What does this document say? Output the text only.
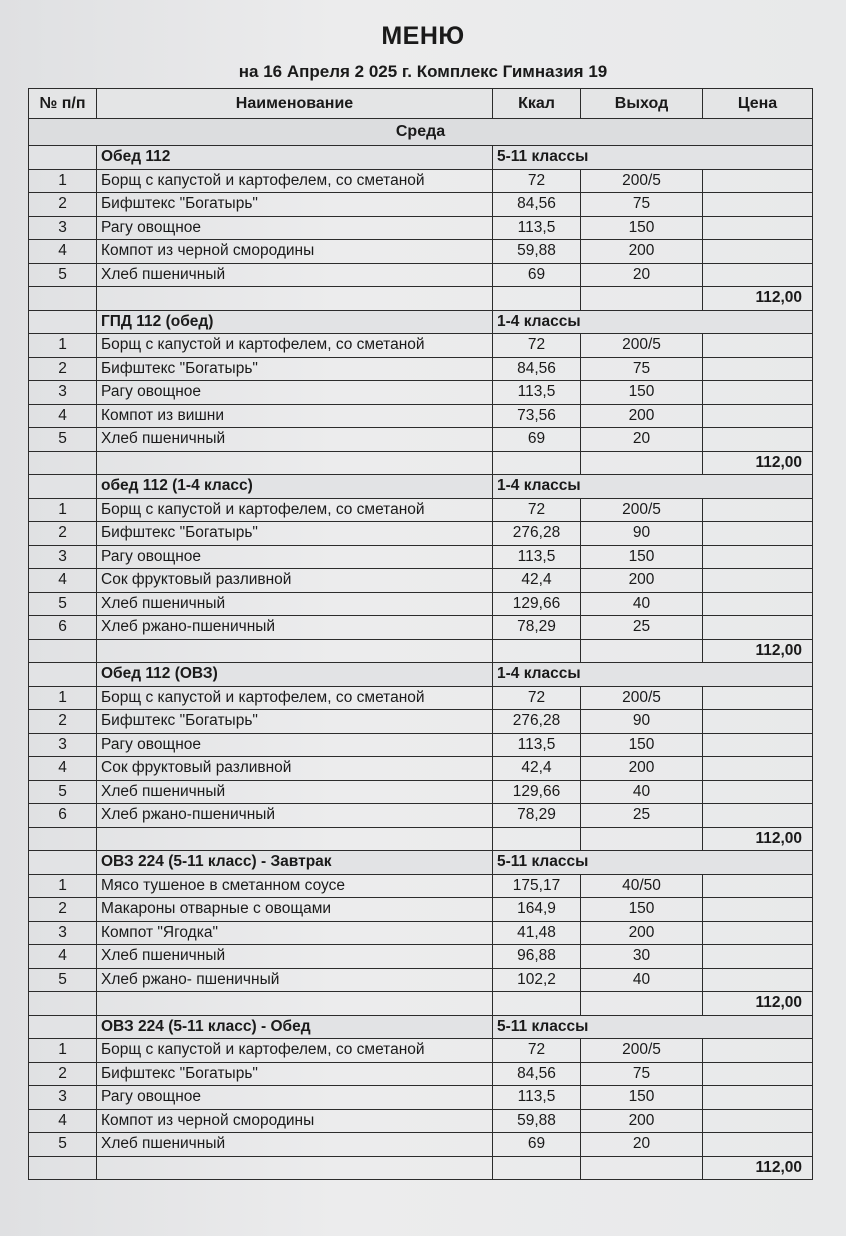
МЕНЮ
на 16 Апреля 2 025 г. Комплекс Гимназия 19
№ п/п	Наименование	Ккал	Выход	Цена
Среда				
	Обед 112	5-11 классы		
1	Борщ с капустой и картофелем, со сметаной	72	200/5	
2	Бифштекс "Богатырь"	84,56	75	
3	Рагу овощное	113,5	150	
4	Компот из черной смородины	59,88	200	
5	Хлеб пшеничный	69	20	
				112,00
	ГПД 112 (обед)	1-4 классы		
1	Борщ с капустой и картофелем, со сметаной	72	200/5	
2	Бифштекс "Богатырь"	84,56	75	
3	Рагу овощное	113,5	150	
4	Компот из вишни	73,56	200	
5	Хлеб пшеничный	69	20	
				112,00
	обед 112 (1-4 класс)	1-4 классы		
1	Борщ с капустой и картофелем, со сметаной	72	200/5	
2	Бифштекс "Богатырь"	276,28	90	
3	Рагу овощное	113,5	150	
4	Сок фруктовый разливной	42,4	200	
5	Хлеб пшеничный	129,66	40	
6	Хлеб ржано-пшеничный	78,29	25	
				112,00
	Обед 112 (ОВЗ)	1-4 классы		
1	Борщ с капустой и картофелем, со сметаной	72	200/5	
2	Бифштекс "Богатырь"	276,28	90	
3	Рагу овощное	113,5	150	
4	Сок фруктовый разливной	42,4	200	
5	Хлеб пшеничный	129,66	40	
6	Хлеб ржано-пшеничный	78,29	25	
				112,00
	ОВЗ 224 (5-11 класс) - Завтрак	5-11 классы		
1	Мясо тушеное в сметанном соусе	175,17	40/50	
2	Макароны отварные с овощами	164,9	150	
3	Компот "Ягодка"	41,48	200	
4	Хлеб пшеничный	96,88	30	
5	Хлеб ржано- пшеничный	102,2	40	
				112,00
	ОВЗ 224 (5-11 класс) - Обед	5-11 классы		
1	Борщ с капустой и картофелем, со сметаной	72	200/5	
2	Бифштекс "Богатырь"	84,56	75	
3	Рагу овощное	113,5	150	
4	Компот из черной смородины	59,88	200	
5	Хлеб пшеничный	69	20	
				112,00
